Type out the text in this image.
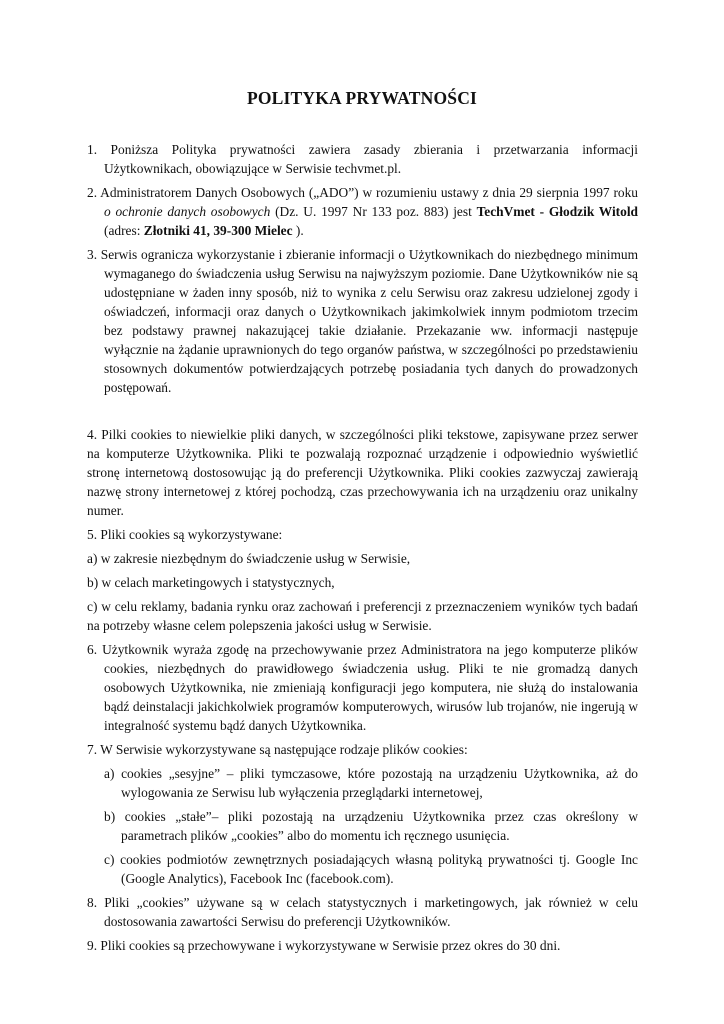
POLITYKA PRYWATNOŚCI

1. Poniższa Polityka prywatności zawiera zasady zbierania i przetwarzania informacji Użytkownikach, obowiązujące w Serwisie techvmet.pl.

2. Administratorem Danych Osobowych („ADO”) w rozumieniu ustawy z dnia 29 sierpnia 1997 roku o ochronie danych osobowych (Dz. U. 1997 Nr 133 poz. 883) jest TechVmet - Głodzik Witold (adres: Złotniki 41, 39-300 Mielec ).

3. Serwis ogranicza wykorzystanie i zbieranie informacji o Użytkownikach do niezbędnego minimum wymaganego do świadczenia usług Serwisu na najwyższym poziomie. Dane Użytkowników nie są udostępniane w żaden inny sposób, niż to wynika z celu Serwisu oraz zakresu udzielonej zgody i oświadczeń, informacji oraz danych o Użytkownikach jakimkolwiek innym podmiotom trzecim bez podstawy prawnej nakazującej takie działanie. Przekazanie ww. informacji następuje wyłącznie na żądanie uprawnionych do tego organów państwa, w szczególności po przedstawieniu stosownych dokumentów potwierdzających potrzebę posiadania tych danych do prowadzonych postępowań.

4. Pilki cookies to niewielkie pliki danych, w szczególności pliki tekstowe, zapisywane przez serwer na komputerze Użytkownika. Pliki te pozwalają rozpoznać urządzenie i odpowiednio wyświetlić stronę internetową dostosowując ją do preferencji Użytkownika. Pliki cookies zazwyczaj zawierają nazwę strony internetowej z której pochodzą, czas przechowywania ich na urządzeniu oraz unikalny numer.

5. Pliki cookies są wykorzystywane:

a) w zakresie niezbędnym do świadczenie usług w Serwisie,

b) w celach marketingowych i statystycznych,

c) w celu reklamy, badania rynku oraz zachowań i preferencji z przeznaczeniem wyników tych badań na potrzeby własne celem polepszenia jakości usług w Serwisie.

6. Użytkownik wyraża zgodę na przechowywanie przez Administratora na jego komputerze plików cookies, niezbędnych do prawidłowego świadczenia usług. Pliki te nie gromadzą danych osobowych Użytkownika, nie zmieniają konfiguracji jego komputera, nie służą do instalowania bądź deinstalacji jakichkolwiek programów komputerowych, wirusów lub trojanów, nie ingerują w integralność systemu bądź danych Użytkownika.

7. W Serwisie wykorzystywane są następujące rodzaje plików cookies:

a) cookies „sesyjne” – pliki tymczasowe, które pozostają na urządzeniu Użytkownika, aż do wylogowania ze Serwisu lub wyłączenia przeglądarki internetowej,

b) cookies „stałe”– pliki pozostają na urządzeniu Użytkownika przez czas określony w parametrach plików „cookies” albo do momentu ich ręcznego usunięcia.

c) cookies podmiotów zewnętrznych posiadających własną polityką prywatności tj. Google Inc (Google Analytics), Facebook Inc (facebook.com).

8. Pliki „cookies” używane są w celach statystycznych i marketingowych, jak również w celu dostosowania zawartości Serwisu do preferencji Użytkowników.

9. Pliki cookies są przechowywane i wykorzystywane w Serwisie przez okres do 30 dni.
